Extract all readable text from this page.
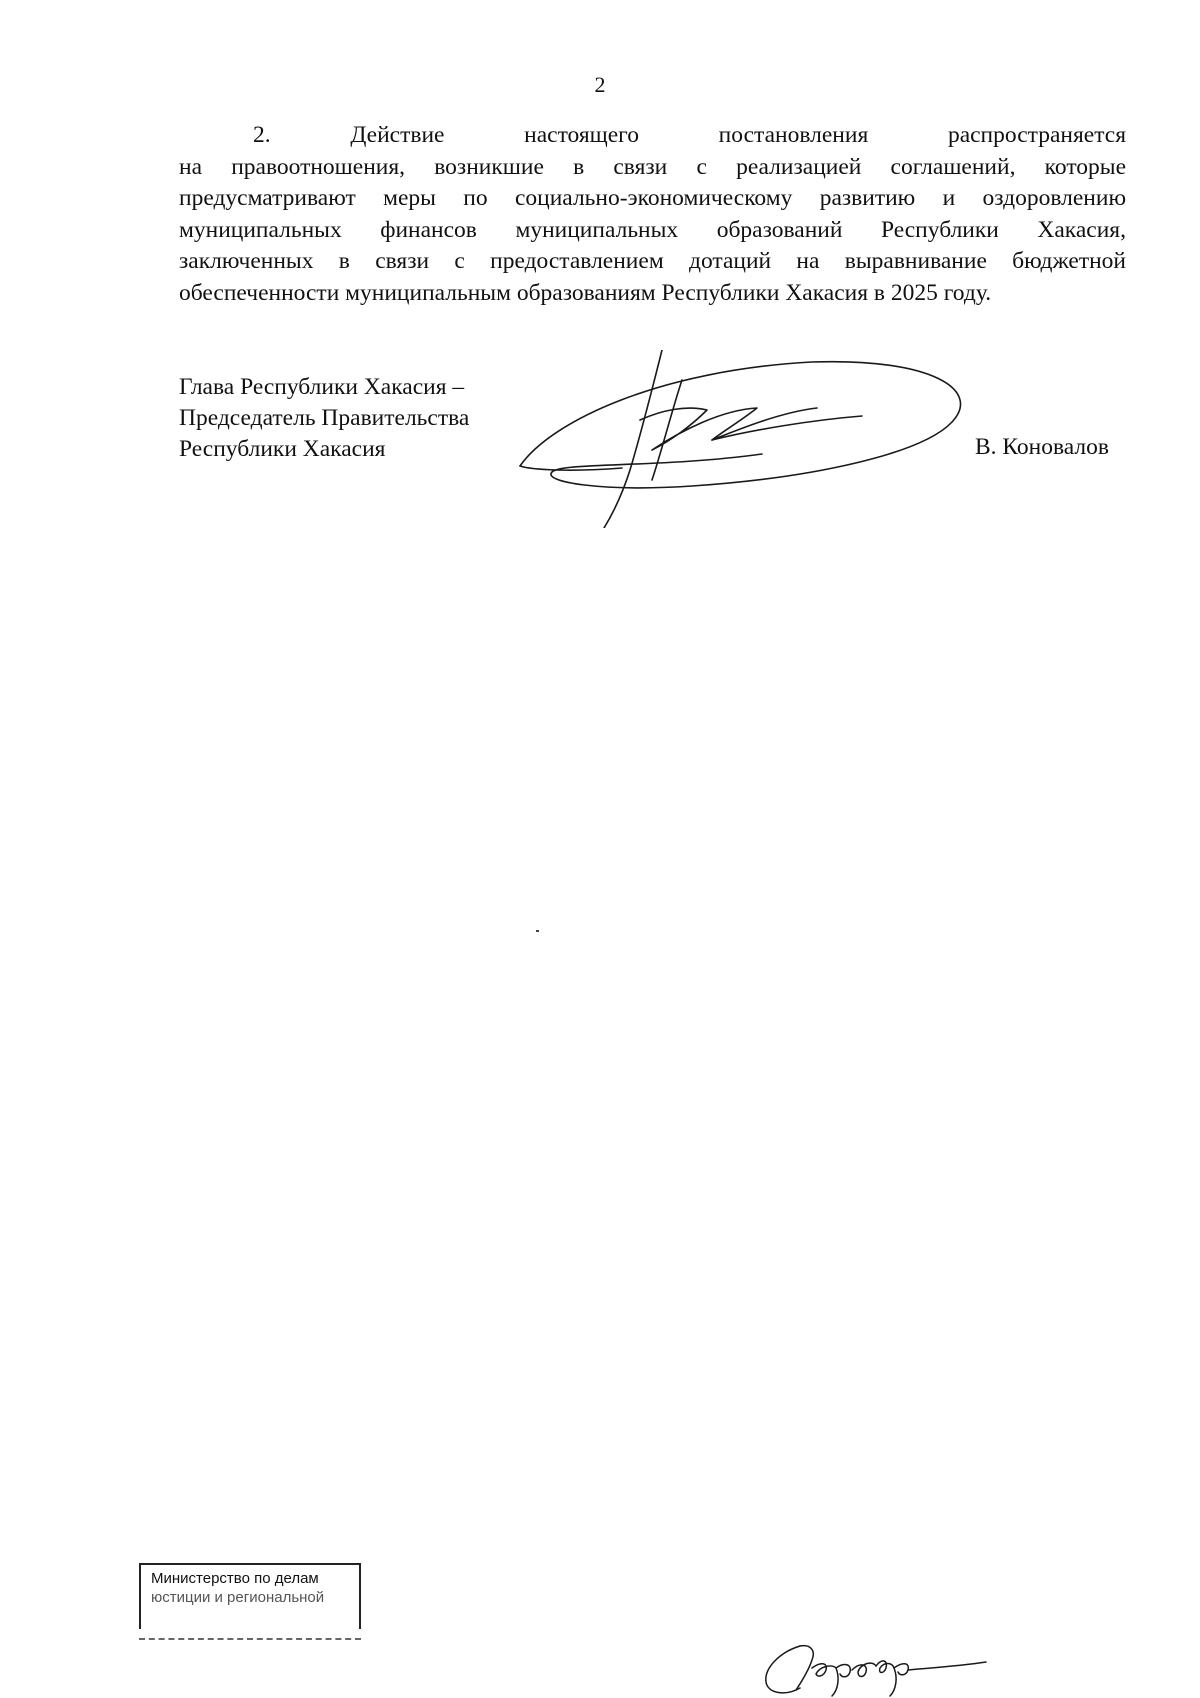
2
2. Действие настоящего постановления распространяется
на правоотношения, возникшие в связи с реализацией соглашений, которые
предусматривают меры по социально-экономическому развитию и оздоровлению
муниципальных финансов муниципальных образований Республики Хакасия,
заключенных в связи с предоставлением дотаций на выравнивание бюджетной
обеспеченности муниципальным образованиям Республики Хакасия в 2025 году.
Глава Республики Хакасия –
Председатель Правительства
Республики Хакасия	В. Коновалов
Министерство по делам
юстиции и региональной
